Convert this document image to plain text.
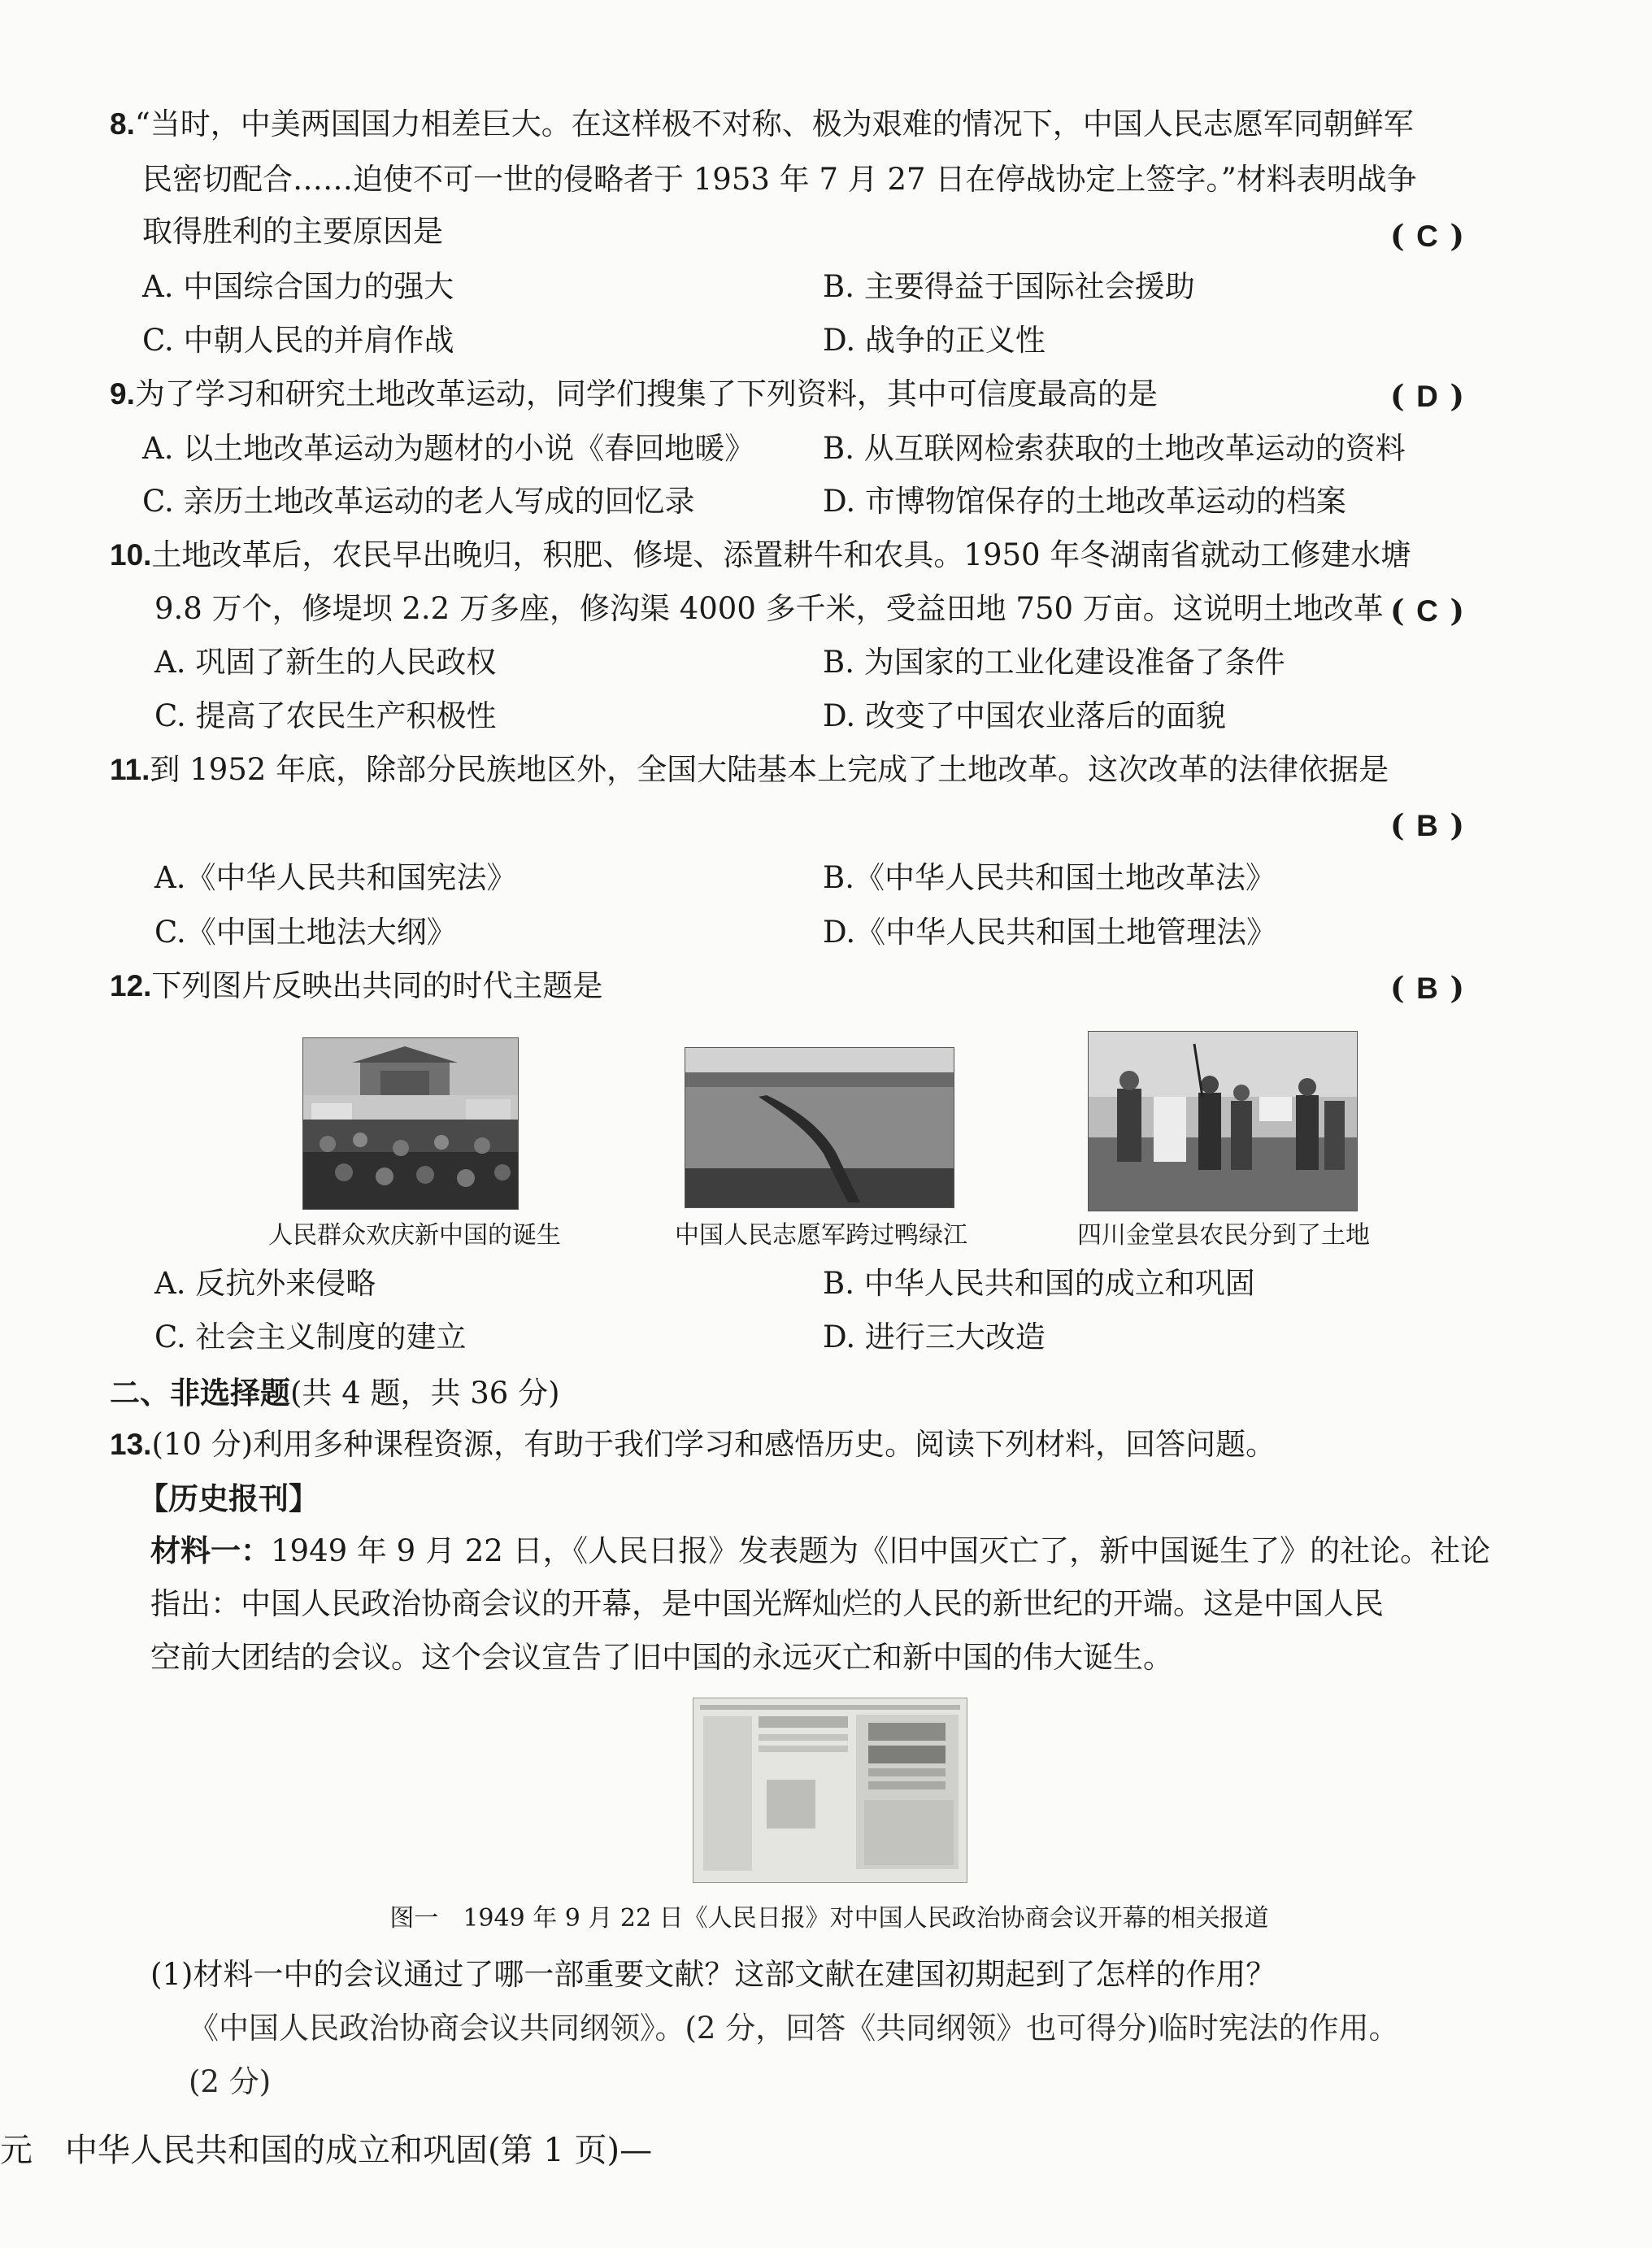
8.“当时，中美两国国力相差巨大。在这样极不对称、极为艰难的情况下，中国人民志愿军同朝鲜军
民密切配合……迫使不可一世的侵略者于 1953 年 7 月 27 日在停战协定上签字。”材料表明战争
取得胜利的主要原因是	( C )
A. 中国综合国力的强大	B. 主要得益于国际社会援助
C. 中朝人民的并肩作战	D. 战争的正义性
9.为了学习和研究土地改革运动，同学们搜集了下列资料，其中可信度最高的是	( D )
A. 以土地改革运动为题材的小说《春回地暖》 B. 从互联网检索获取的土地改革运动的资料
C. 亲历土地改革运动的老人写成的回忆录	D. 市博物馆保存的土地改革运动的档案
10.土地改革后，农民早出晚归，积肥、修堤、添置耕牛和农具。1950 年冬湖南省就动工修建水塘
9.8 万个，修堤坝 2.2 万多座，修沟渠 4000 多千米，受益田地 750 万亩。这说明土地改革 ( C )
A. 巩固了新生的人民政权	B. 为国家的工业化建设准备了条件
C. 提高了农民生产积极性	D. 改变了中国农业落后的面貌
11.到 1952 年底，除部分民族地区外，全国大陆基本上完成了土地改革。这次改革的法律依据是
( B )
A.《中华人民共和国宪法》	B.《中华人民共和国土地改革法》
C.《中国土地法大纲》	D.《中华人民共和国土地管理法》
12.下列图片反映出共同的时代主题是	( B )
人民群众欢庆新中国的诞生	中国人民志愿军跨过鸭绿江	四川金堂县农民分到了土地
A. 反抗外来侵略	B. 中华人民共和国的成立和巩固
C. 社会主义制度的建立	D. 进行三大改造
二、非选择题(共 4 题，共 36 分)
13.(10 分)利用多种课程资源，有助于我们学习和感悟历史。阅读下列材料，回答问题。
【历史报刊】
材料一：1949 年 9 月 22 日，《人民日报》发表题为《旧中国灭亡了，新中国诞生了》的社论。社论
指出：中国人民政治协商会议的开幕，是中国光辉灿烂的人民的新世纪的开端。这是中国人民
空前大团结的会议。这个会议宣告了旧中国的永远灭亡和新中国的伟大诞生。
图一　1949 年 9 月 22 日《人民日报》对中国人民政治协商会议开幕的相关报道
(1)材料一中的会议通过了哪一部重要文献？这部文献在建国初期起到了怎样的作用？
《中国人民政治协商会议共同纲领》。(2 分，回答《共同纲领》也可得分)临时宪法的作用。
(2 分)
元　中华人民共和国的成立和巩固(第 1 页)—
